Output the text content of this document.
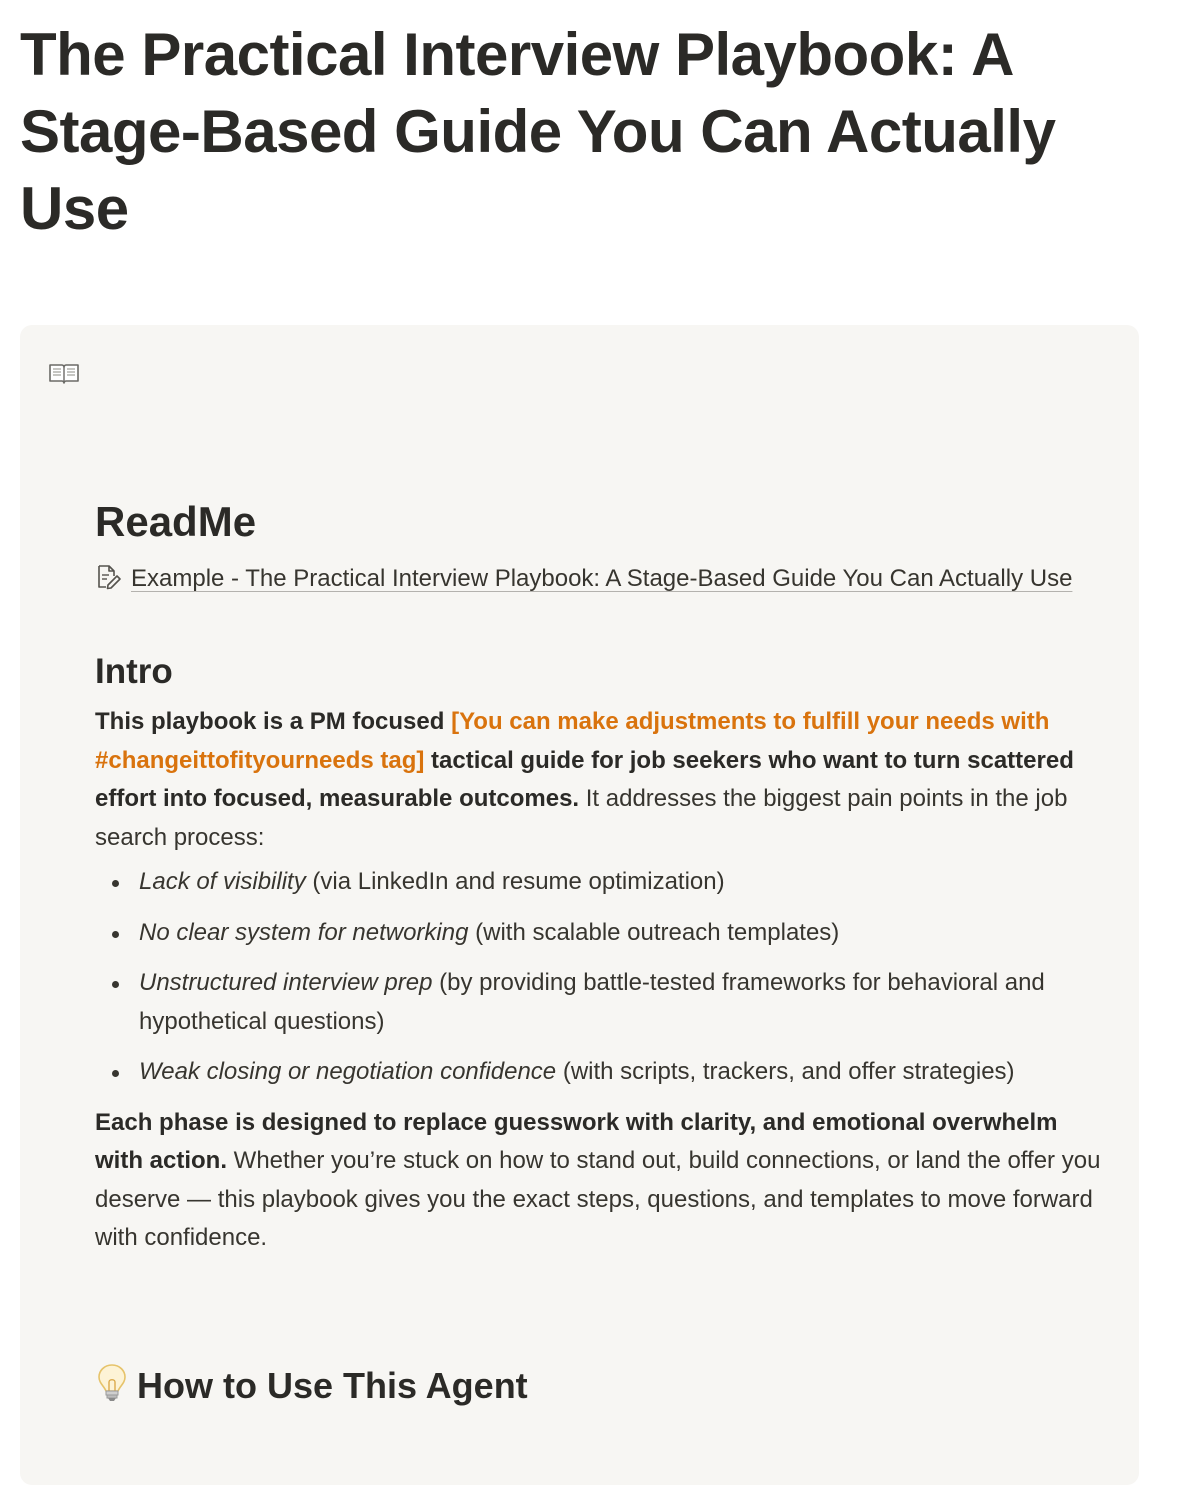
The Practical Interview Playbook: A Stage-Based Guide You Can Actually Use
ReadMe
Example - The Practical Interview Playbook: A Stage-Based Guide You Can Actually Use
Intro

This playbook is a PM focused [You can make adjustments to fulfill your needs with #changeittofityourneeds tag] tactical guide for job seekers who want to turn scattered effort into focused, measurable outcomes. It addresses the biggest pain points in the job search process:

Lack of visibility (via LinkedIn and resume optimization)
No clear system for networking (with scalable outreach templates)
Unstructured interview prep (by providing battle-tested frameworks for behavioral and hypothetical questions)
Weak closing or negotiation confidence (with scripts, trackers, and offer strategies)

Each phase is designed to replace guesswork with clarity, and emotional overwhelm with action. Whether you’re stuck on how to stand out, build connections, or land the offer you deserve — this playbook gives you the exact steps, questions, and templates to move forward with confidence.

How to Use This Agent
